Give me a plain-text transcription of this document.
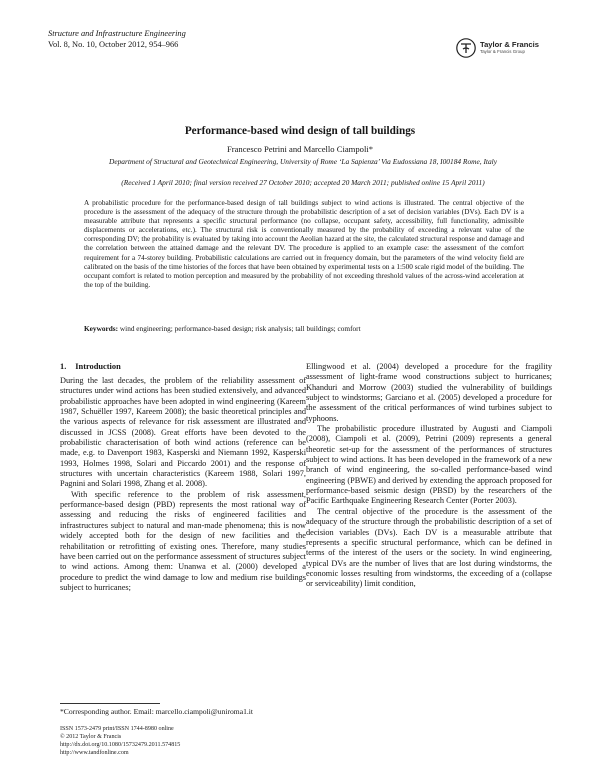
Structure and Infrastructure Engineering
Vol. 8, No. 10, October 2012, 954–966	Taylor & Francis
Taylor & Francis Group
Performance-based wind design of tall buildings
Francesco Petrini and Marcello Ciampoli*
Department of Structural and Geotechnical Engineering, University of Rome ‘La Sapienza’ Via Eudossiana 18, I00184 Rome, Italy
(Received 1 April 2010; final version received 27 October 2010; accepted 20 March 2011; published online 15 April 2011)
A probabilistic procedure for the performance-based design of tall buildings subject to wind actions is illustrated. The central objective of the procedure is the assessment of the adequacy of the structure through the probabilistic description of a set of decision variables (DVs). Each DV is a measurable attribute that represents a specific structural performance (no collapse, occupant safety, accessibility, full functionality, admissible displacements or accelerations, etc.). The structural risk is conventionally measured by the probability of exceeding a relevant value of the corresponding DV; the probability is evaluated by taking into account the Aeolian hazard at the site, the calculated structural response and damage and the correlation between the attained damage and the relevant DV. The procedure is applied to an example case: the assessment of the comfort requirement for a 74-storey building. Probabilistic calculations are carried out in frequency domain, but the parameters of the wind velocity field are calibrated on the basis of the time histories of the forces that have been obtained by experimental tests on a 1:500 scale rigid model of the building. The occupant comfort is related to motion perception and measured by the probability of not exceeding threshold values of the across-wind acceleration at the top of the building.
Keywords: wind engineering; performance-based design; risk analysis; tall buildings; comfort
1. Introduction

During the last decades, the problem of the reliability assessment of structures under wind actions has been studied extensively, and advanced probabilistic approaches have been adopted in wind engineering (Kareem 1987, Schuëller 1997, Kareem 2008); the basic theoretical principles and the various aspects of relevance for risk assessment are illustrated and discussed in JCSS (2008). Great efforts have been devoted to the probabilistic characterisation of both wind actions (reference can be made, e.g. to Davenport 1983, Kasperski and Niemann 1992, Kasperski 1993, Holmes 1998, Solari and Piccardo 2001) and the response of structures with uncertain characteristics (Kareem 1988, Solari 1997, Pagnini and Solari 1998, Zhang et al. 2008).

With specific reference to the problem of risk assessment, performance-based design (PBD) represents the most rational way of assessing and reducing the risks of engineered facilities and infrastructures subject to natural and man-made phenomena; this is now widely accepted both for the design of new facilities and the rehabilitation or retrofitting of existing ones. Therefore, many studies have been carried out on the performance assessment of structures subject to wind actions. Among them: Unanwa et al. (2000) developed a procedure to predict the wind damage to low and medium rise buildings subject to hurricanes;

Ellingwood et al. (2004) developed a procedure for the fragility assessment of light-frame wood constructions subject to hurricanes; Khanduri and Morrow (2003) studied the vulnerability of buildings subject to windstorms; Garciano et al. (2005) developed a procedure for the assessment of the critical performances of wind turbines subject to typhoons.

The probabilistic procedure illustrated by Augusti and Ciampoli (2008), Ciampoli et al. (2009), Petrini (2009) represents a general theoretic set-up for the assessment of the performances of structures subject to wind actions. It has been developed in the framework of a new branch of wind engineering, the so-called performance-based wind engineering (PBWE) and derived by extending the approach proposed for performance-based seismic design (PBSD) by the researchers of the Pacific Earthquake Engineering Research Center (Porter 2003).

The central objective of the procedure is the assessment of the adequacy of the structure through the probabilistic description of a set of decision variables (DVs). Each DV is a measurable attribute that represents a specific structural performance, which can be defined in terms of the interest of the users or the society. In wind engineering, typical DVs are the number of lives that are lost during windstorms, the economic losses resulting from windstorms, the exceeding of a (collapse or serviceability) limit condition,

*Corresponding author. Email: marcello.ciampoli@uniroma1.it
ISSN 1573-2479 print/ISSN 1744-8980 online
© 2012 Taylor & Francis
http://dx.doi.org/10.1080/15732479.2011.574815
http://www.tandfonline.com
